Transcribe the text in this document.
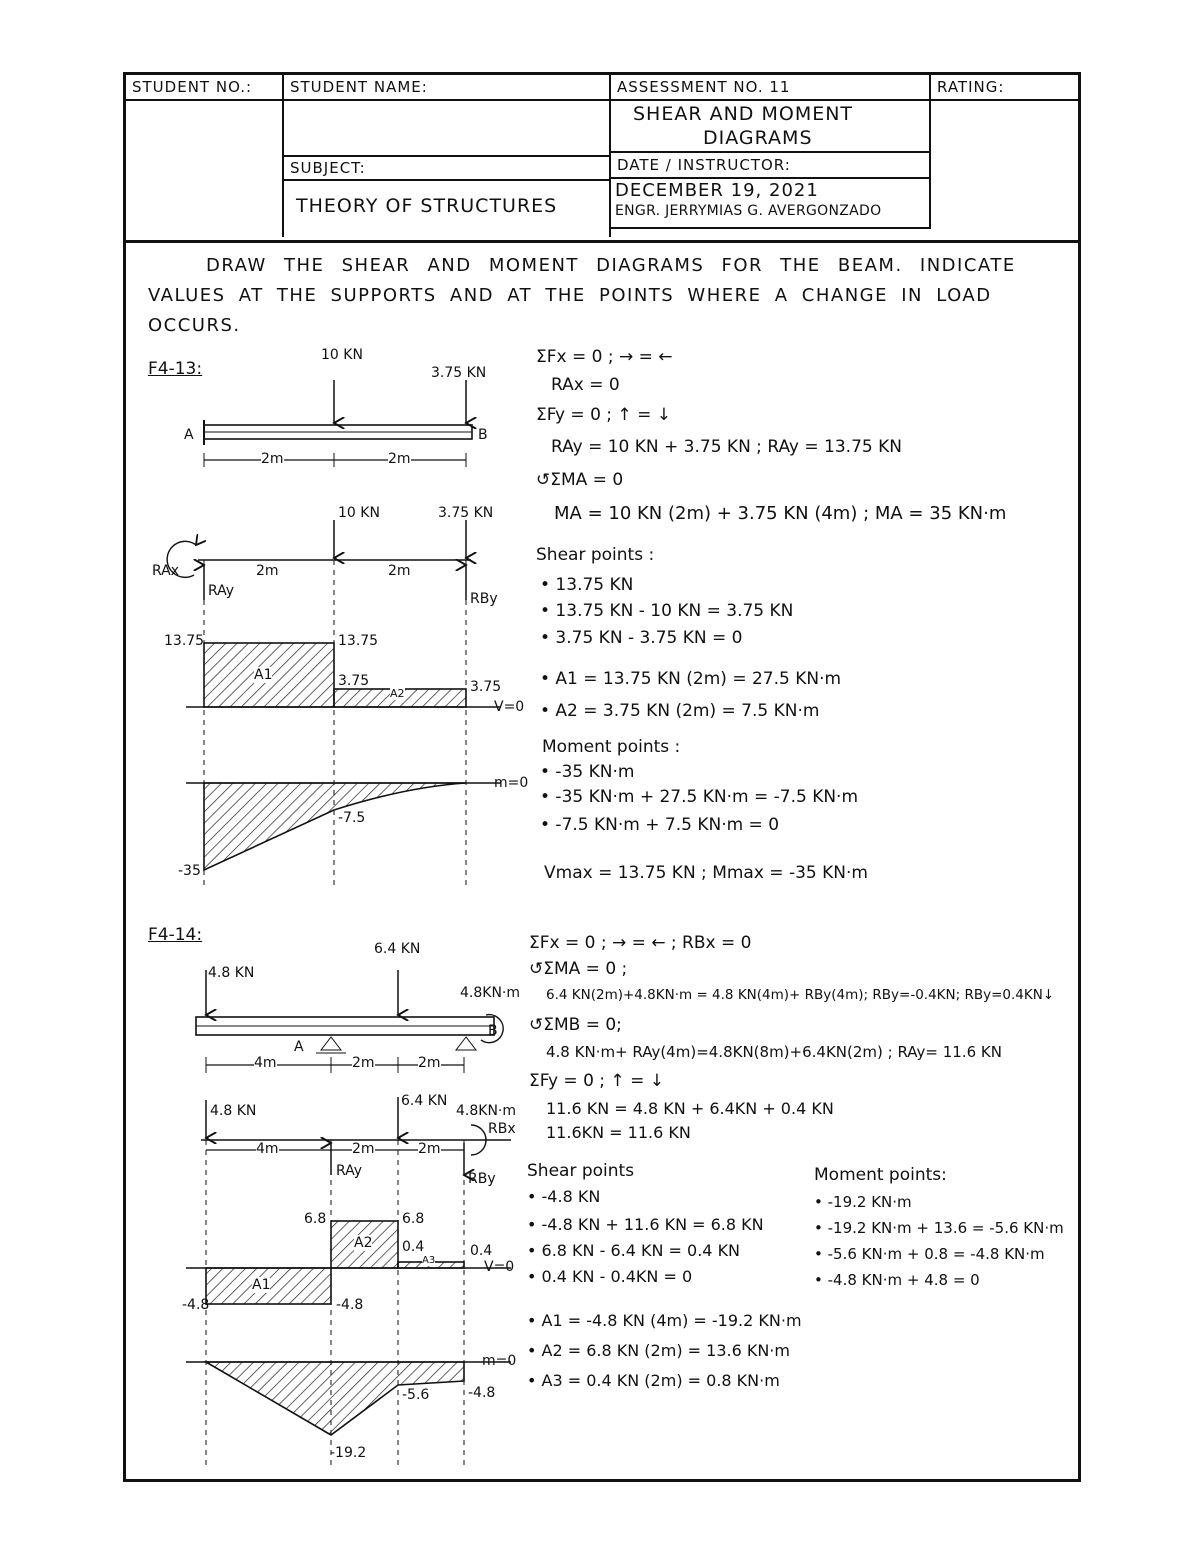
STUDENT NO.:	STUDENT NAME:	ASSESSMENT NO. 11	RATING:
SHEAR AND MOMENT
DIAGRAMS
SUBJECT:	DATE / INSTRUCTOR:
THEORY OF STRUCTURES
DECEMBER 19, 2021
ENGR. JERRYMIAS G. AVERGONZADO
DRAW THE SHEAR AND MOMENT DIAGRAMS FOR THE BEAM. INDICATE
VALUES AT THE SUPPORTS AND AT THE POINTS WHERE A CHANGE IN LOAD
OCCURS.
F4-13:
10 KN
3.75 KN
A	B
2m	2m
10 KN	3.75 KN
RAx
RAy	RBy
2m	2m
13.75	13.75
3.75	3.75
A1
A2
V=0
-35
-7.5
m=0
ΣFx = 0 ; → = ←
RAx = 0
ΣFy = 0 ; ↑ = ↓
RAy = 10 KN + 3.75 KN ; RAy = 13.75 KN
↺ΣMA = 0
MA = 10 KN (2m) + 3.75 KN (4m) ; MA = 35 KN·m
Shear points :
• 13.75 KN
• 13.75 KN - 10 KN = 3.75 KN
• 3.75 KN - 3.75 KN = 0
• A1 = 13.75 KN (2m) = 27.5 KN·m
• A2 = 3.75 KN (2m) = 7.5 KN·m
Moment points :
• -35 KN·m
• -35 KN·m + 27.5 KN·m = -7.5 KN·m
• -7.5 KN·m + 7.5 KN·m = 0
Vmax = 13.75 KN ; Mmax = -35 KN·m
F4-14:
4.8 KN
6.4 KN
4.8KN·m
A
B
4m	2m	2m
4.8 KN
6.4 KN
4.8KN·m
RBx
RAy	RBy
4m	2m	2m
-4.8	-4.8
6.8	6.8
0.4	0.4
A1
A2
A3	V=0
-5.6	-4.8
-19.2
m=0
ΣFx = 0 ; → = ← ; RBx = 0
↺ΣMA = 0 ;
6.4 KN(2m)+4.8KN·m = 4.8 KN(4m)+ RBy(4m); RBy=-0.4KN; RBy=0.4KN↓
↺ΣMB = 0;
4.8 KN·m+ RAy(4m)=4.8KN(8m)+6.4KN(2m) ; RAy= 11.6 KN
ΣFy = 0 ; ↑ = ↓
11.6 KN = 4.8 KN + 6.4KN + 0.4 KN
11.6KN = 11.6 KN
Shear points
• -4.8 KN
• -4.8 KN + 11.6 KN = 6.8 KN
• 6.8 KN - 6.4 KN = 0.4 KN
• 0.4 KN - 0.4KN = 0
Moment points:
• -19.2 KN·m
• -19.2 KN·m + 13.6 = -5.6 KN·m
• -5.6 KN·m + 0.8 = -4.8 KN·m
• -4.8 KN·m + 4.8 = 0
• A1 = -4.8 KN (4m) = -19.2 KN·m
• A2 = 6.8 KN (2m) = 13.6 KN·m
• A3 = 0.4 KN (2m) = 0.8 KN·m
